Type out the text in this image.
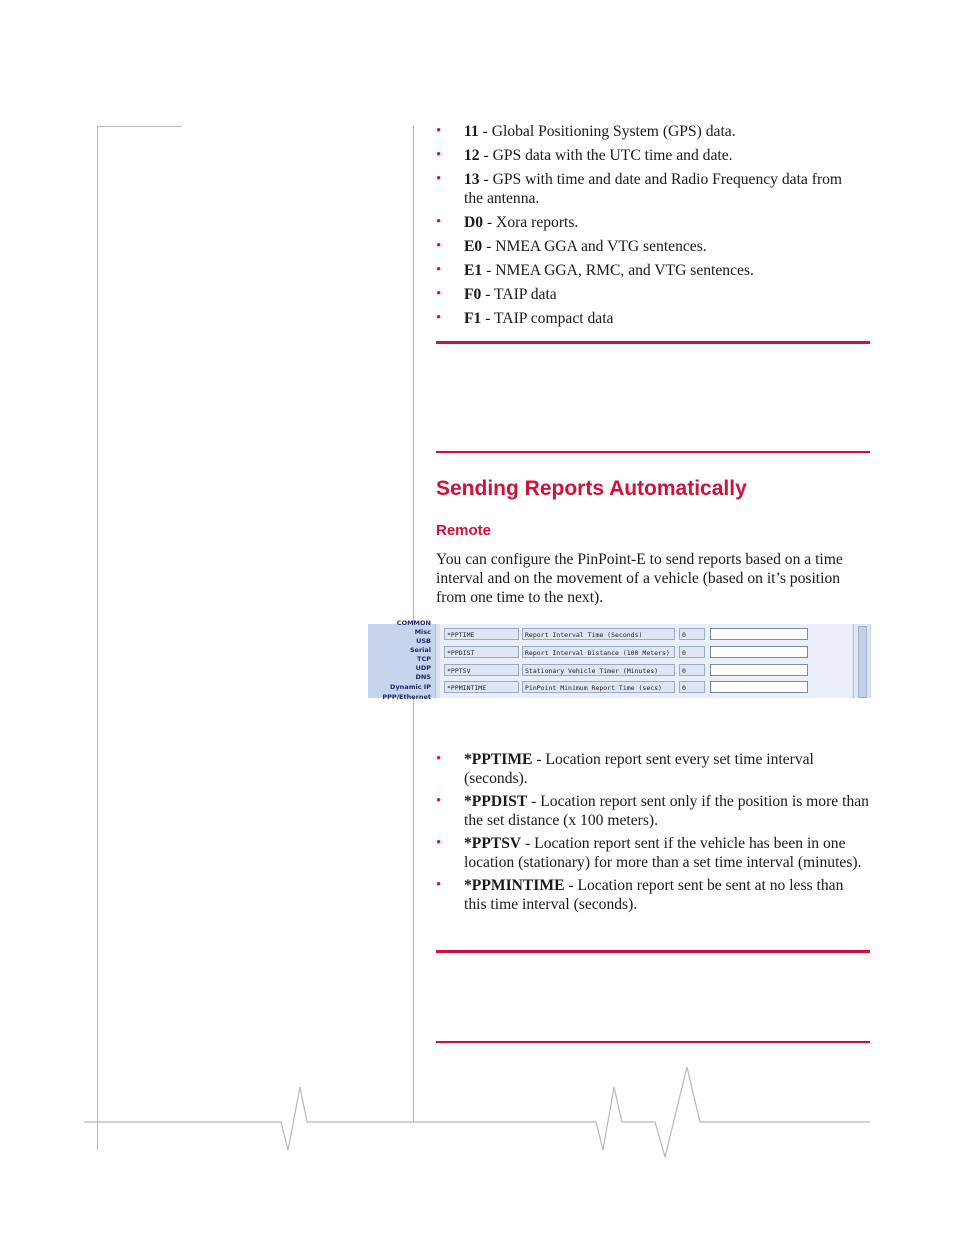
• 11 - Global Positioning System (GPS) data.
• 12 - GPS data with the UTC time and date.
• 13 - GPS with time and date and Radio Frequency data from the antenna.
• D0 - Xora reports.
• E0 - NMEA GGA and VTG sentences.
• E1 - NMEA GGA, RMC, and VTG sentences.
• F0 - TAIP data
• F1 - TAIP compact data
Sending Reports Automatically
Remote

You can configure the PinPoint-E to send reports based on a time interval and on the movement of a vehicle (based on it’s position from one time to the next).

COMMON
Misc
USB
Serial
TCP
UDP
DNS
Dynamic IP
PPP/Ethernet
*PPTIME	Report Interval Time (Seconds)	0
*PPDIST	Report Interval Distance (100 Meters)	0
*PPTSV	Stationary Vehicle Timer (Minutes)	0
*PPMINTIME	PinPoint Minimum Report Time (secs)	0
• *PPTIME - Location report sent every set time interval (seconds).
• *PPDIST - Location report sent only if the position is more than the set distance (x 100 meters).
• *PPTSV - Location report sent if the vehicle has been in one location (stationary) for more than a set time interval (minutes).
• *PPMINTIME - Location report sent be sent at no less than this time interval (seconds).
